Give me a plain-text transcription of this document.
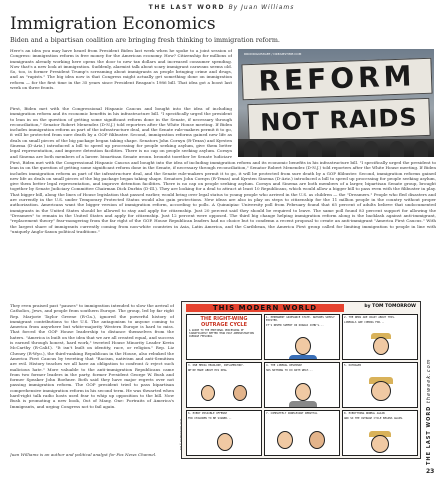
THE LAST WORD By Juan Williams
Immigration Economics
Biden and a bipartisan coalition are bringing fresh thinking to immigration reform.
Here's an idea you may have heard from President Biden last week when he spoke to a joint session of Congress: immigration reform is free money for the American economy. How? Citizenship for millions of immigrants already working here opens the door to new tax dollars and increased consumer spending. Now that's a new look at immigration. Suddenly, alarmist talk about scary immigrant caravans seems old. So, too, is former President Trump's screaming about immigrants as people bringing crime and drugs, and as "rapists." The big idea now is that Congress might actually get something done on immigration reform — for the first time in the 35 years since President Reagan's 1986 bill. That idea got a boost last week on three fronts.
RRODRIGUEZGEE / DREAMSTIME.COM
REFORM
NOT RAIDS
First, Biden met with the Congressional Hispanic Caucus and bought into the idea of including immigration reform and its economic benefits in his infrastructure bill. "I specifically urged the president to lean in on the question of getting some significant reform done in the Senate, if necessary through reconciliation," Senator Robert Menendez (D-N.J.) told reporters after the White House meeting. If Biden includes immigration reform as part of the infrastructure deal, and the Senate rule-makers permit it to go, it will be protected from sure death by a GOP filibuster. Second, immigration reforms gained new life as deals on small pieces of the big package began taking shape. Senators John Cornyn (R-Texas) and Kyrsten Sinema (D-Ariz.) introduced a bill to speed up processing for people seeking asylum, give them better legal representation, and improve detention facilities. There is no cap on people seeking asylum. Cornyn and Sinema are both members of a larger, bipartisan Senate group, brought together by Senate Judiciary
First, Biden met with the Congressional Hispanic Caucus and bought into the idea of including immigration reform and its economic benefits in his infrastructure bill. "I specifically urged the president to lean in on the question of getting some significant reform done in the Senate, if necessary through reconciliation," Senator Robert Menendez (D-N.J.) told reporters after the White House meeting. If Biden includes immigration reform as part of the infrastructure deal, and the Senate rule-makers permit it to go, it will be protected from sure death by a GOP filibuster. Second, immigration reforms gained new life as deals on small pieces of the big package began taking shape. Senators John Cornyn (R-Texas) and Kyrsten Sinema (D-Ariz.) introduced a bill to speed up processing for people seeking asylum, give them better legal representation, and improve detention facilities. There is no cap on people seeking asylum. Cornyn and Sinema are both members of a larger, bipartisan Senate group, brought together by Senate Judiciary Committee Chairman Dick Durbin (D-Ill.). They are looking for a deal to attract at least 10 Republicans, which would allow a bigger bill to pass even with the filibuster in play. That bigger bill, along the lines of House legislation that passed earlier, would bring over legal status to young people who arrived in the U.S. as children — the "Dreamers." People who fled disasters and are currently in the U.S. under Temporary Protected Status would also gain protections. New ideas are also in play on steps to citizenship for the 11 million people in the country without proper authorization. Americans want the bigger version of immigration reform, according to polls. A Quinnipiac University poll from February found that 65 percent of adults believe that undocumented immigrants in the United States should be allowed to stay and apply for citizenship. Just 20 percent said they should be required to leave. The same poll found 83 percent support for allowing the "Dreamers" to remain in the United States and apply for citizenship. Just 12 percent were opposed. The third big change helping immigration reform along is the backlash against anti-immigrant, "replacement theory" fear-mongering from the far right of the GOP. House Republican leaders had no choice but to condemn a recent proposal to create an anti-immigrant "America First Caucus." With the largest share of immigrants currently coming from non-white countries in Asia, Latin America, and the Caribbean, the America First group called for limiting immigration to people in line with "uniquely Anglo-Saxon political traditions."
They even praised past "pauses" to immigration intended to slow the arrival of Catholics, Jews, and people from southern Europe. The group, led by far right Rep. Marjorie Taylor Greene (R-Ga.), ignored the powerful history of immigrant contributions to the U.S. The antagonism to anyone coming to America from anywhere but white-majority Western Europe is hard to miss. That forced the GOP House leadership to distance themselves from the haters. "America is built on the idea that we are all created equal, and success is earned through honest, hard work," tweeted House Minority Leader Kevin McCarthy (R-Calif.). "It isn't built on identity, race, or religion." Rep. Liz Cheney (R-Wyo.), the third-ranking Republican in the House, also rebuked the America First Caucus by tweeting that "Racism, nativism and anti-Semitism are evil. History teaches we all have an obligation to confront & reject such malicious hate." More valuable to the anti-immigration Republicans came from two former leaders in the party, former President George W. Bush and former Speaker John Boehner. Both said they have major regrets over not passing immigration reform. The GOP president tried to pass bipartisan comprehensive immigration reform in his second term. He was thwarted when hard-right talk radio hosts used fear to whip up opposition to the bill. Now Bush is promoting a new book, Out of Many, One: Portraits of America's Immigrants, and urging Congress not to fail again.
Juan Williams is an author and political analyst for Fox News Channel.
THIS MODERN WORLD	by TOM TOMORROW
THE RIGHT-WING OUTRAGE CYCLE
A GUIDE TO THE EMOTIONAL PROCESSING OF SIGNIFICANTLY BETTER THAN PAST ADMINISTRATION AVERAGE FEELINGS.
1. PERMANENT GRIEVANCE STATE. NATURES SIMPLY EXISTED.
IT'S NEVER SUMMIT IN DONALD JOHN'S...
2. THE NEWS ARE CRAZY ABOUT THIS.
LIBERALS ARE COMING FOR...
3. ONE MEDIA HEADLINE, INFLAMMATORY.
WE'RE MADE ABOUT HIS DEAL
4. THE LIBERAL RESPONSE
HAS NOTHING TO DO WITH WHAT...
5. OUTRAGED
6. EVERY POSSIBLE OFFENSE
FOR CHILDREN TO BE SIGNED...
7. COMPLETELY IRRELEVANT REBUTTAL	8. EVERYTHING NORMAL AGAIN
AND SO THE OUTRAGE CYCLE BEGINS AGAIN.
TM © TOMORROW 2021 ...	THE LAST WORD theweek.com
23
